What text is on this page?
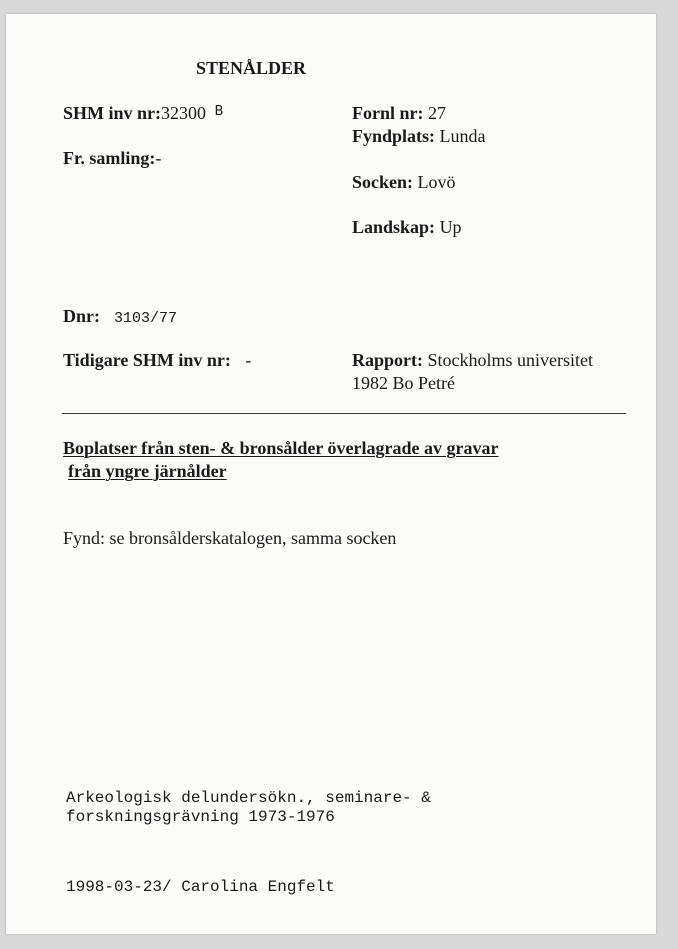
STENÅLDER
SHM inv nr:32300 $^B$
Fr. samling:-
Fornl nr: 27
Fyndplats: Lunda
Socken: Lovö
Landskap: Up
Dnr: 3103/77
Tidigare SHM inv nr: -	Rapport: Stockholms universitet
1982 Bo Petré
Boplatser från sten- & bronsålder överlagrade av gravar
från yngre järnålder
Fynd: se bronsålderskatalogen, samma socken
Arkeologisk delundersökn., seminare- &
forskningsgrävning 1973-1976
1998-03-23/ Carolina Engfelt
